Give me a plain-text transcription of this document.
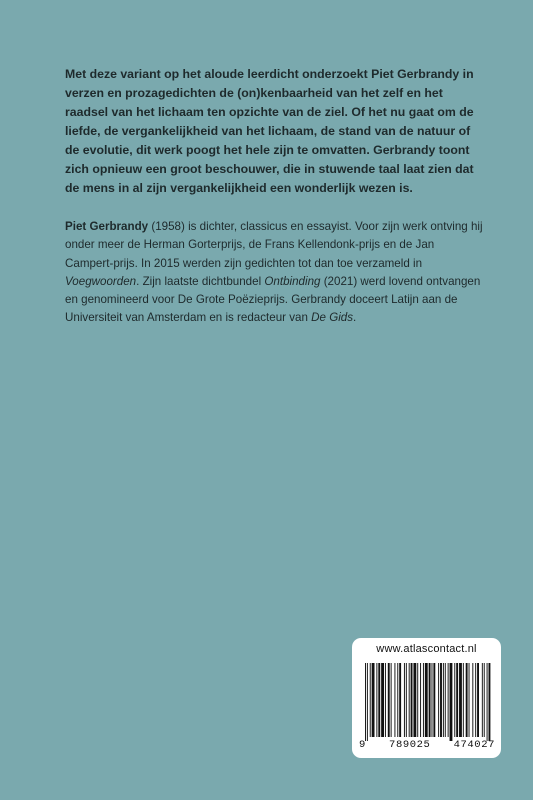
Met deze variant op het aloude leerdicht onderzoekt Piet Gerbrandy in verzen en prozagedichten de (on)kenbaarheid van het zelf en het raadsel van het lichaam ten opzichte van de ziel. Of het nu gaat om de liefde, de vergankelijkheid van het lichaam, de stand van de natuur of de evolutie, dit werk poogt het hele zijn te omvatten. Gerbrandy toont zich opnieuw een groot beschouwer, die in stuwende taal laat zien dat de mens in al zijn vergankelijkheid een wonderlijk wezen is.

Piet Gerbrandy (1958) is dichter, classicus en essayist. Voor zijn werk ontving hij onder meer de Herman Gorterprijs, de Frans Kellendonk-prijs en de Jan Campert-prijs. In 2015 werden zijn gedichten tot dan toe verzameld in Voegwoorden. Zijn laatste dichtbundel Ontbinding (2021) werd lovend ontvangen en genomineerd voor De Grote Poëzieprijs. Gerbrandy doceert Latijn aan de Universiteit van Amsterdam en is redacteur van De Gids.

www.atlascontact.nl
9 789025 474027
